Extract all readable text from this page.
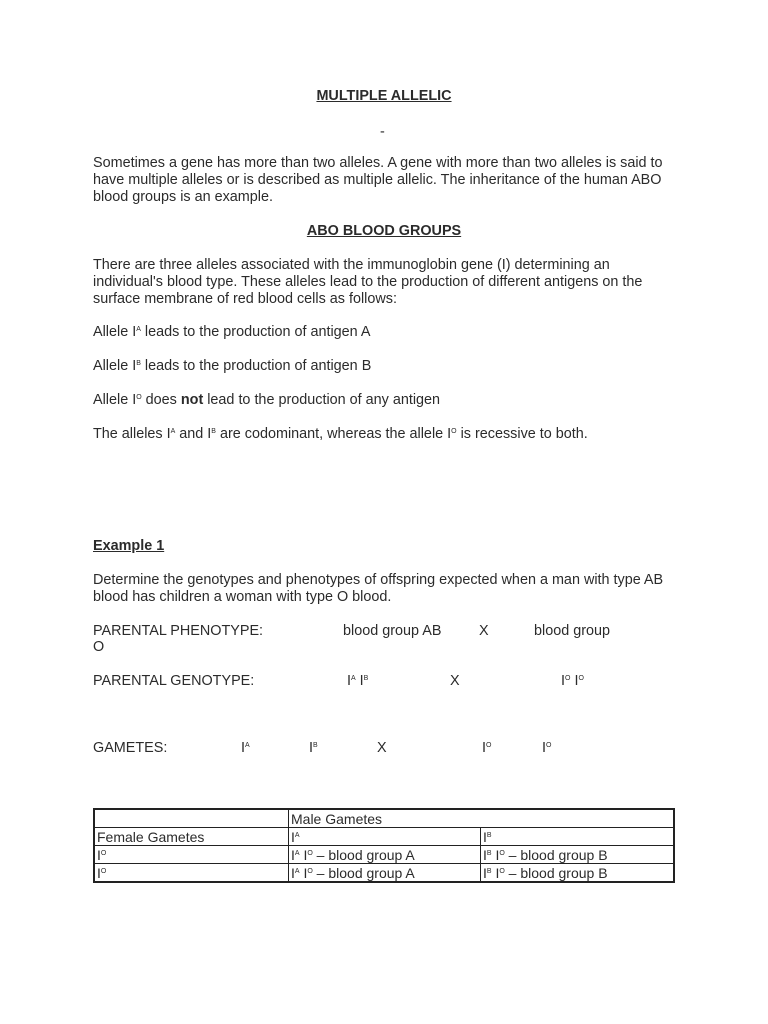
MULTIPLE ALLELIC
-
Sometimes a gene has more than two alleles. A gene with more than two alleles is said to have multiple alleles or is described as multiple allelic. The inheritance of the human ABO blood groups is an example.
ABO BLOOD GROUPS
There are three alleles associated with the immunoglobin gene (I) determining an individual's blood type. These alleles lead to the production of different antigens on the surface membrane of red blood cells as follows:
Allele $I^A$ leads to the production of antigen A
Allele $I^B$ leads to the production of antigen B
Allele $I^O$ does not lead to the production of any antigen
The alleles $I^A$ and $I^B$ are codominant, whereas the allele $I^O$ is recessive to both.
Example 1
Determine the genotypes and phenotypes of offspring expected when a man with type AB blood has children a woman with type O blood.
PARENTAL PHENOTYPE:	blood group AB	X	blood group
O
PARENTAL GENOTYPE:	$I^A$ $I^B$	X	$I^O$ $I^O$
GAMETES:	$I^A$	$I^B$	X	$I^O$	$I^O$
	Male Gametes	
Female Gametes	$I^A$	$I^B$
$I^O$	$I^A$ $I^O$ – blood group A	$I^B$ $I^O$ – blood group B
$I^O$	$I^A$ $I^O$ – blood group A	$I^B$ $I^O$ – blood group B
